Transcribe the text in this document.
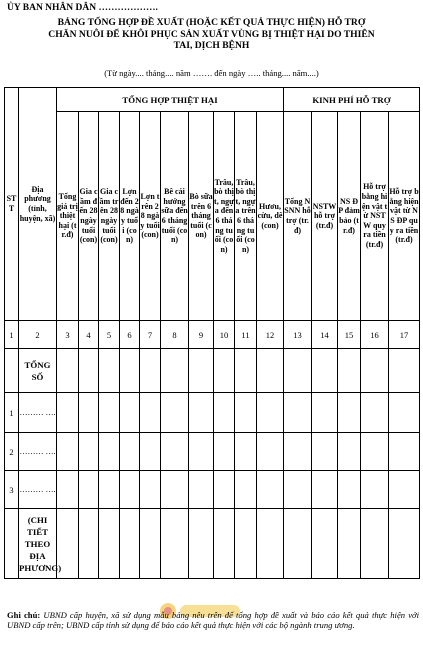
ỦY BAN NHÂN DÂN ……………….
BẢNG TỔNG HỢP ĐỀ XUẤT (HOẶC KẾT QUẢ THỰC HIỆN) HỖ TRỢ
CHĂN NUÔI ĐỂ KHÔI PHỤC SẢN XUẤT VÙNG BỊ THIỆT HẠI DO THIÊN
TAI, DỊCH BỆNH
(Từ ngày.... tháng.... năm ……. đến ngày ….. tháng.... năm....)
STT	Địa phương (tỉnh, huyện, xã)	TỔNG HỢP THIỆT HẠI										KINH PHÍ HỖ TRỢ				
		Tổng giá trị thiệt hại (tr.đ)	Gia cầm đến 28 ngày tuổi (con)	Gia cầm trên 28 ngày tuổi (con)	Lợn đến 28 ngày tuổi (con)	Lợn trên 28 ngày tuổi (con)	Bê cái hướng sữa đến 6 tháng tuổi (con)	Bò sữa trên 6 tháng tuổi (con)	Trâu, bò thịt, ngựa đến 6 tháng tuổi (con)	Trâu, bò thịt, ngựa trên 6 tháng tuổi (con)	Hươu, cừu, dê (con)	Tổng NSNN hỗ trợ (tr.đ)	NSTW hỗ trợ (tr.đ)	NS ĐP đảm bảo (tr.đ)	Hỗ trợ bằng hiện vật từ NSTW quy ra tiền (tr.đ)	Hỗ trợ bằng hiện vật từ NS ĐP quy ra tiền (tr.đ)
1	2	3	4	5	6	7	8	9	10	11	12	13	14	15	16	17
	TỔNG SỐ															
1	……… ….															
2	……… ….															
3	……… ….															
	(CHI TIẾT THEO ĐỊA PHƯƠNG)															
Ghi chú: UBND cấp huyện, xã sử dụng mẫu bảng nêu trên để tổng hợp đề xuất và báo cáo kết quả thực hiện với UBND cấp trên; UBND cấp tỉnh sử dụng để báo cáo kết quả thực hiện với các bộ ngành trung ương.
